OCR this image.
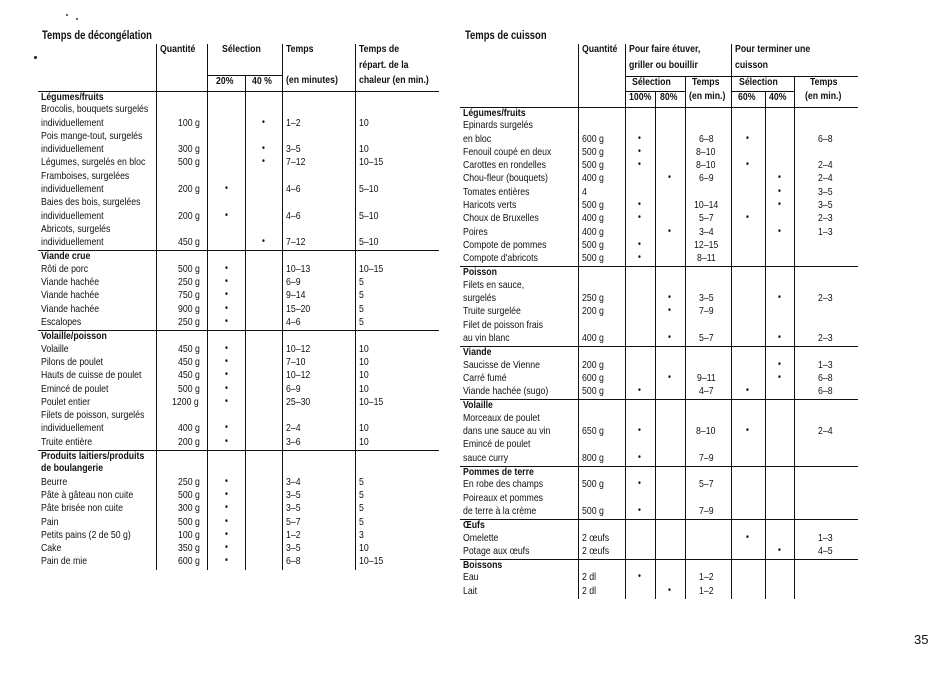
Temps de décongélation	Temps de cuisson
	Quantité	Sélection		Temps	Temps de
					répart. de la
		20%	40 %	(en minutes)	chaleur (en min.)
Légumes/fruits					
Brocolis, bouquets surgelés					
individuellement	100 g		•	1–2	10
Pois mange-tout, surgelés					
individuellement	300 g		•	3–5	10
Légumes, surgelés en bloc	500 g		•	7–12	10–15
Framboises, surgelées					
individuellement	200 g	•		4–6	5–10
Baies des bois, surgelées					
individuellement	200 g	•		4–6	5–10
Abricots, surgelés					
individuellement	450 g		•	7–12	5–10
Viande crue					
Rôti de porc	500 g	•		10–13	10–15
Viande hachée	250 g	•		6–9	5
Viande hachée	750 g	•		9–14	5
Viande hachée	900 g	•		15–20	5
Escalopes	250 g	•		4–6	5
Volaille/poisson					
Volaille	450 g	•		10–12	10
Pilons de poulet	450 g	•		7–10	10
Hauts de cuisse de poulet	450 g	•		10–12	10
Emincé de poulet	500 g	•		6–9	10
Poulet entier	1200 g	•		25–30	10–15
Filets de poisson, surgelés					
individuellement	400 g	•		2–4	10
Truite entière	200 g	•		3–6	10
Produits laitiers/produits					
de boulangerie					
Beurre	250 g	•		3–4	5
Pâte à gâteau non cuite	500 g	•		3–5	5
Pâte brisée non cuite	300 g	•		3–5	5
Pain	500 g	•		5–7	5
Petits pains (2 de 50 g)	100 g	•		1–2	3
Cake	350 g	•		3–5	10
Pain de mie	600 g	•		6–8	10–15
	Quantité	Pour faire étuver,			Pour terminer une		
		griller ou bouillir			cuisson		
		Sélection		Temps	Sélection		Temps
		100%	80%	(en min.)	60%	40%	(en min.)
Légumes/fruits							
Epinards surgelés							
en bloc	600 g	•		6–8	•		6–8
Fenouil coupé en deux	500 g	•		8–10			
Carottes en rondelles	500 g	•		8–10	•		2–4
Chou-fleur (bouquets)	400 g		•	6–9		•	2–4
Tomates entières	4					•	3–5
Haricots verts	500 g	•		10–14		•	3–5
Choux de Bruxelles	400 g	•		5–7	•		2–3
Poires	400 g		•	3–4		•	1–3
Compote de pommes	500 g	•		12–15			
Compote d'abricots	500 g	•		8–11			
Poisson							
Filets en sauce,							
surgelés	250 g		•	3–5		•	2–3
Truite surgelée	200 g		•	7–9			
Filet de poisson frais							
au vin blanc	400 g		•	5–7		•	2–3
Viande							
Saucisse de Vienne	200 g					•	1–3
Carré fumé	600 g		•	9–11		•	6–8
Viande hachée (sugo)	500 g	•		4–7	•		6–8
Volaille							
Morceaux de poulet							
dans une sauce au vin	650 g	•		8–10	•		2–4
Emincé de poulet							
sauce curry	800 g	•		7–9			
Pommes de terre							
En robe des champs	500 g	•		5–7			
Poireaux et pommes							
de terre à la crème	500 g	•		7–9			
Œufs							
Omelette	2 œufs				•		1–3
Potage aux œufs	2 œufs					•	4–5
Boissons							
Eau	2 dl	•		1–2			
Lait	2 dl		•	1–2			
35
